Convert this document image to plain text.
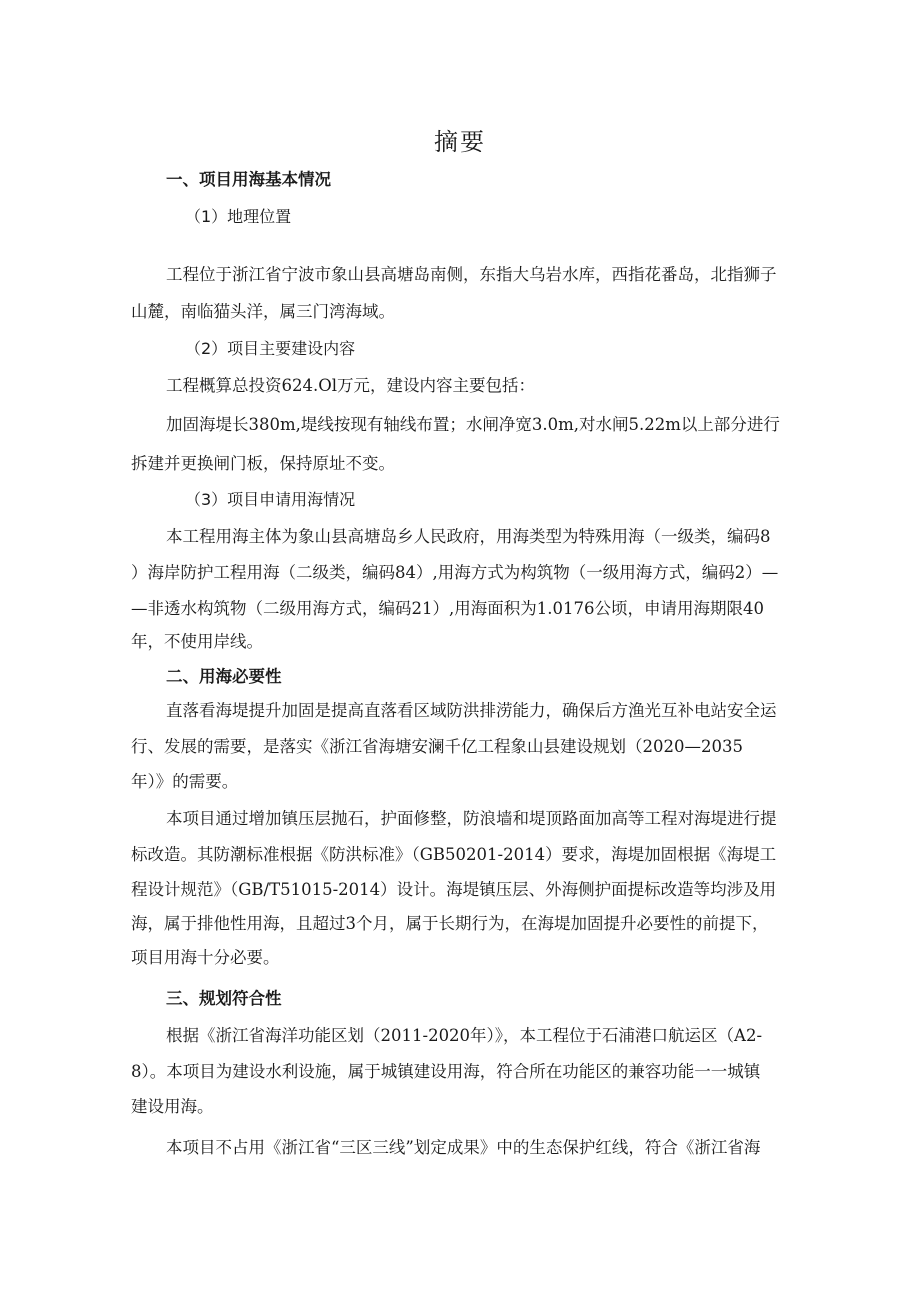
摘要
一、项目用海基本情况
（1）地理位置
工程位于浙江省宁波市象山县高塘岛南侧，东指大乌岩水库，西指花番岛，北指狮子
山麓，南临猫头洋，属三门湾海域。
（2）项目主要建设内容
工程概算总投资624.Ol万元，建设内容主要包括：
加固海堤长380m,堤线按现有轴线布置；水闸净宽3.0m,对水闸5.22m以上部分进行
拆建并更换闸门板，保持原址不变。
（3）项目申请用海情况
本工程用海主体为象山县高塘岛乡人民政府，用海类型为特殊用海（一级类，编码8
）海岸防护工程用海（二级类，编码84）,用海方式为构筑物（一级用海方式，编码2）—
—非透水构筑物（二级用海方式，编码21）,用海面积为1.0176公顷，申请用海期限40
年，不使用岸线。
二、用海必要性
直落看海堤提升加固是提高直落看区域防洪排涝能力，确保后方渔光互补电站安全运
行、发展的需要，是落实《浙江省海塘安澜千亿工程象山县建设规划（2020—2035
年）》的需要。
本项目通过增加镇压层抛石，护面修整，防浪墙和堤顶路面加高等工程对海堤进行提
标改造。其防潮标准根据《防洪标准》（GB50201-2014）要求，海堤加固根据《海堤工
程设计规范》（GB/T51015-2014）设计。海堤镇压层、外海侧护面提标改造等均涉及用
海，属于排他性用海，且超过3个月，属于长期行为，在海堤加固提升必要性的前提下，
项目用海十分必要。
三、规划符合性
根据《浙江省海洋功能区划（2011-2020年）》，本工程位于石浦港口航运区（A2-
8）。本项目为建设水利设施，属于城镇建设用海，符合所在功能区的兼容功能一一城镇
建设用海。
本项目不占用《浙江省“三区三线”划定成果》中的生态保护红线，符合《浙江省海
